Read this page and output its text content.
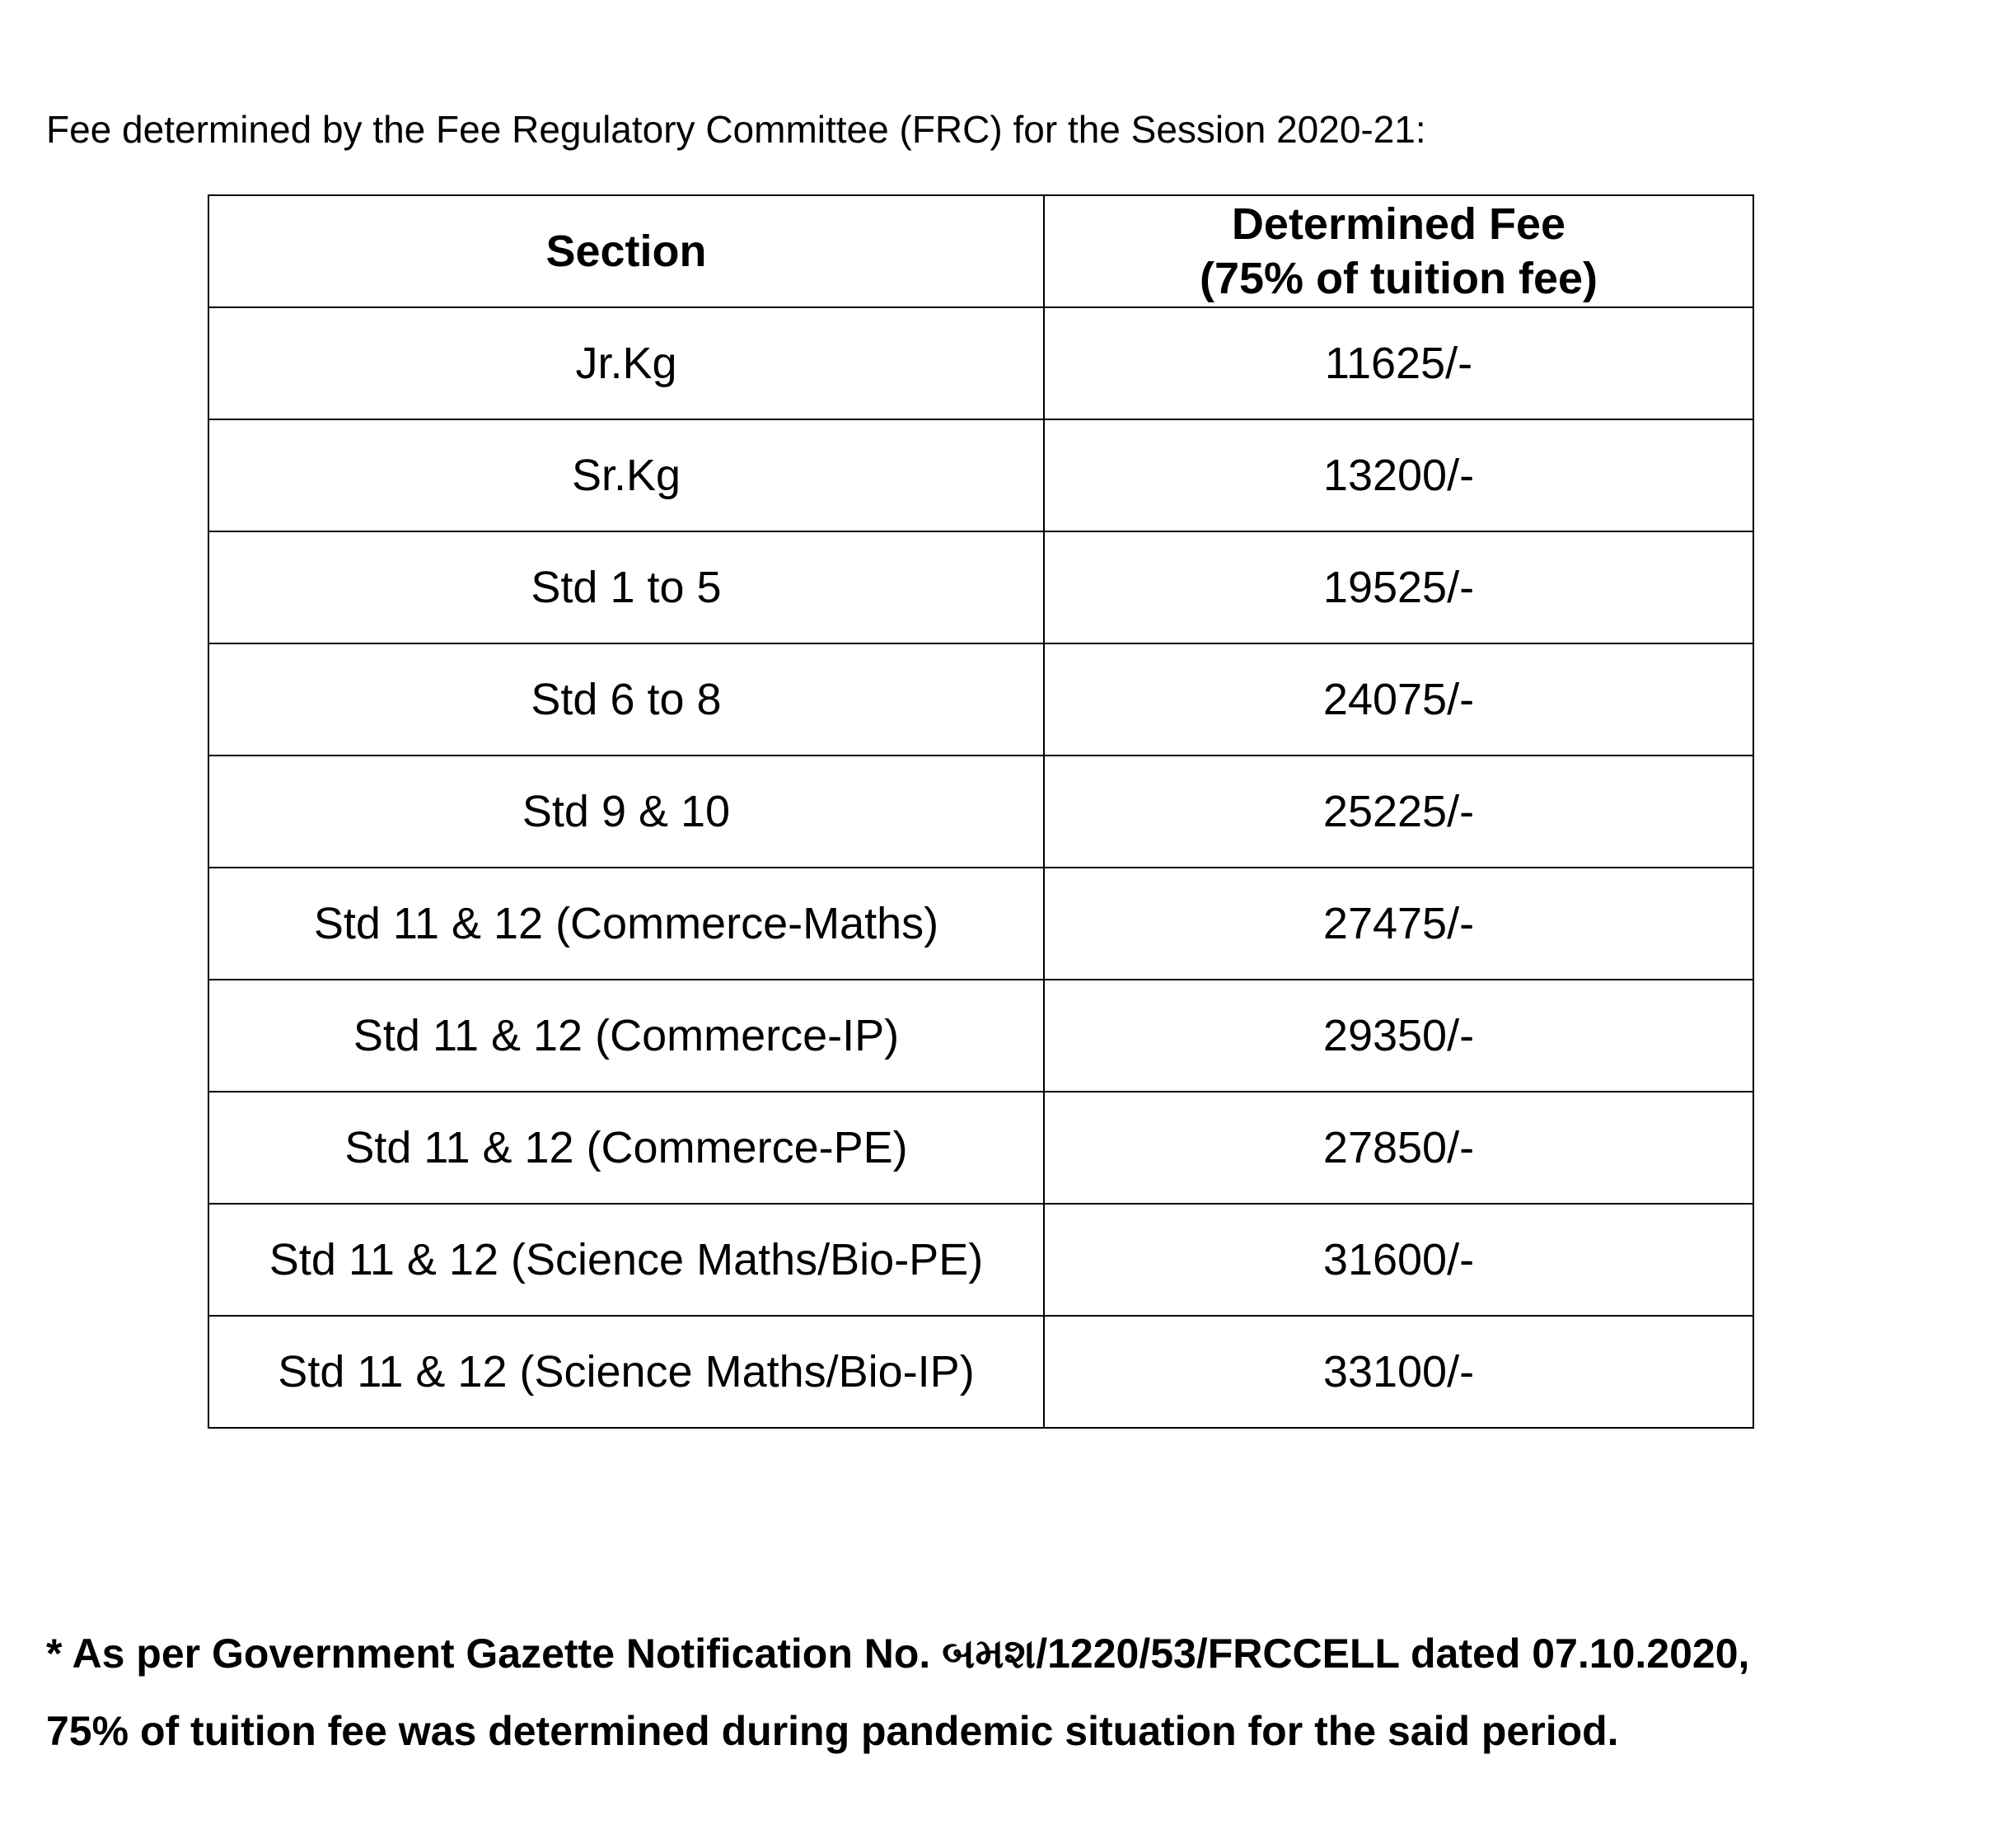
Fee determined by the Fee Regulatory Committee (FRC) for the Session 2020-21:
Section	Determined Fee
(75% of tuition fee)

Jr.Kg	11625/-
Sr.Kg	13200/-
Std 1 to 5	19525/-
Std 6 to 8	24075/-
Std 9 & 10	25225/-
Std 11 & 12 (Commerce-Maths)	27475/-
Std 11 & 12 (Commerce-IP)	29350/-
Std 11 & 12 (Commerce-PE)	27850/-
Std 11 & 12 (Science Maths/Bio-PE)	31600/-
Std 11 & 12 (Science Maths/Bio-IP)	33100/-
* As per Government Gazette Notification No. બમશ/1220/53/FRCCELL dated 07.10.2020,
75% of tuition fee was determined during pandemic situation for the said period.
